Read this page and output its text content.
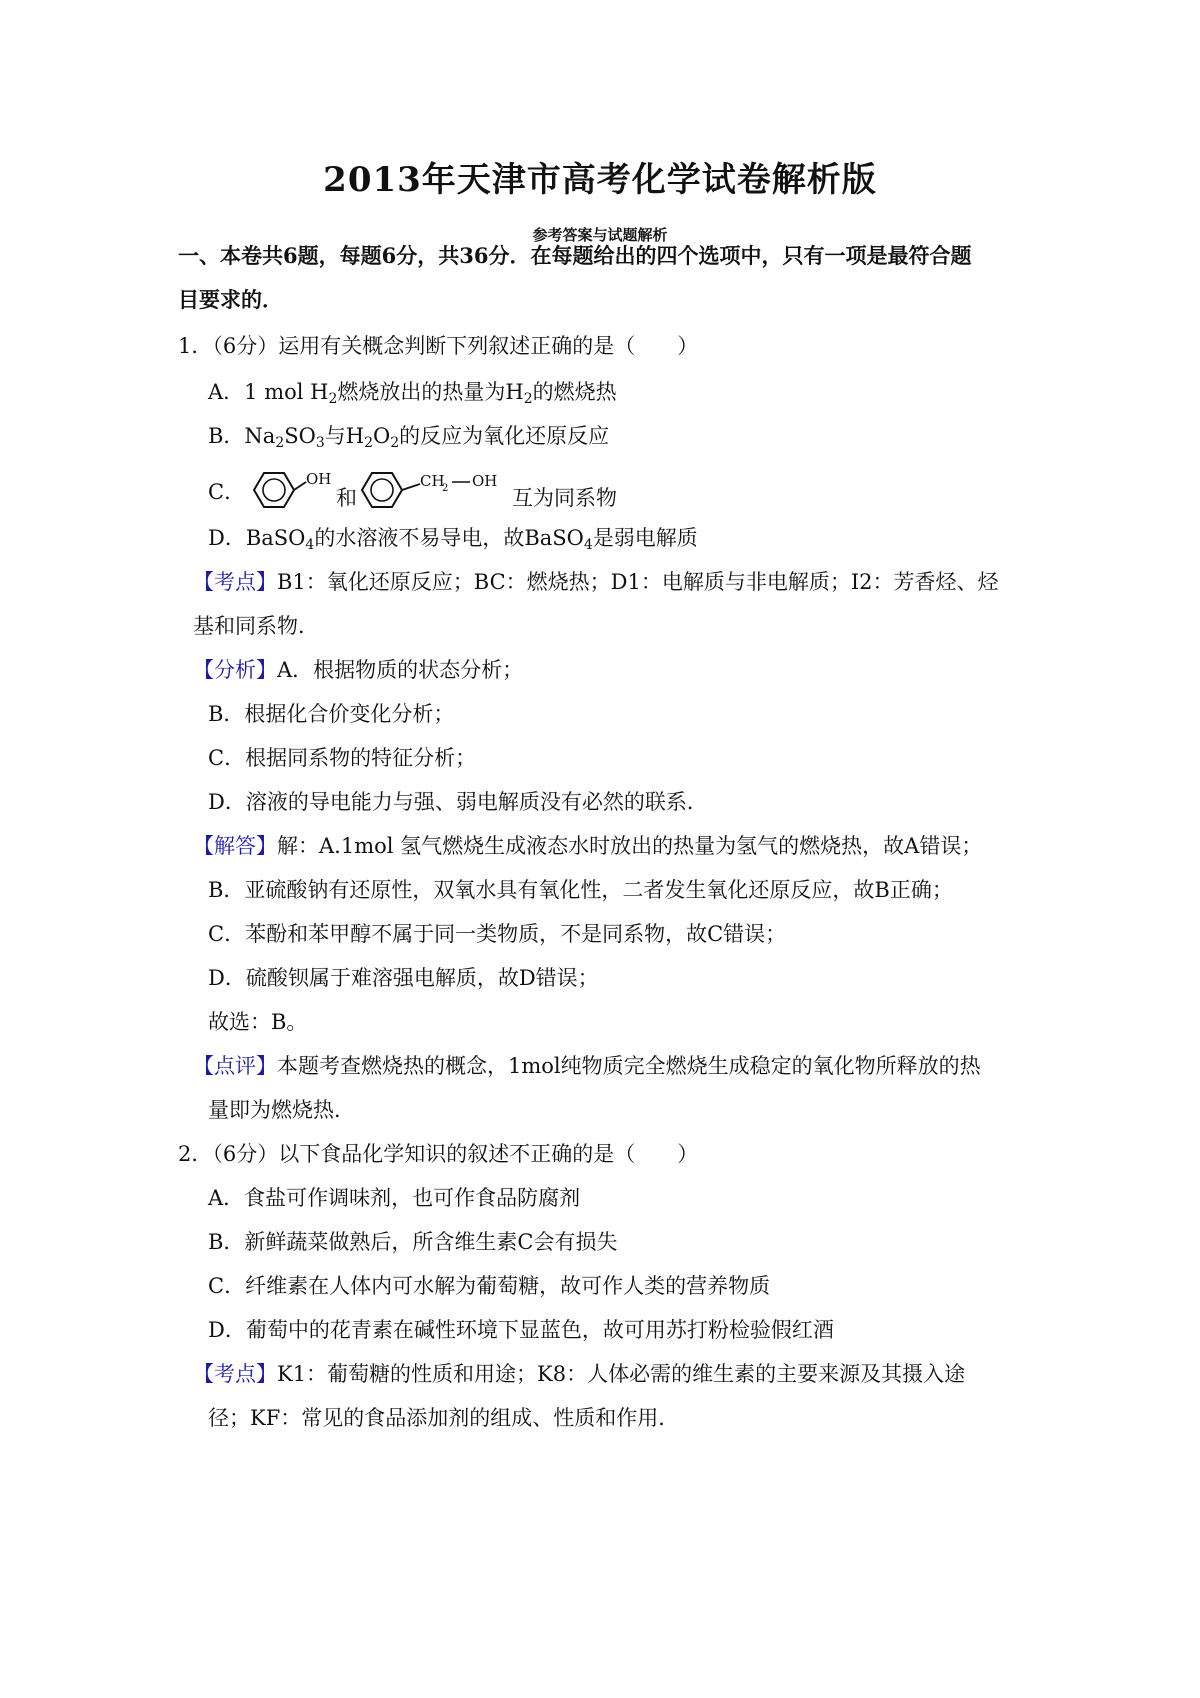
2013年天津市高考化学试卷解析版
参考答案与试题解析
一、本卷共6题，每题6分，共36分．在每题给出的四个选项中，只有一项是最符合题
目要求的．
1．（6分）运用有关概念判断下列叙述正确的是（　　）
A．1 mol $H_2$燃烧放出的热量为$H_2$的燃烧热
B．$Na_2SO_3$与$H_2O_2$的反应为氧化还原反应
C．
OH
和
CH
2 OH
互为同系物
D．BaSO$_4$的水溶液不易导电，故BaSO$_4$是弱电解质
【考点】B1：氧化还原反应；BC：燃烧热；D1：电解质与非电解质；I2：芳香烃、烃
基和同系物．
【分析】A．根据物质的状态分析；
B．根据化合价变化分析；
C．根据同系物的特征分析；
D．溶液的导电能力与强、弱电解质没有必然的联系．
【解答】解：A.1mol 氢气燃烧生成液态水时放出的热量为氢气的燃烧热，故A错误；
B．亚硫酸钠有还原性，双氧水具有氧化性，二者发生氧化还原反应，故B正确；
C．苯酚和苯甲醇不属于同一类物质，不是同系物，故C错误；
D．硫酸钡属于难溶强电解质，故D错误；
故选：B。
【点评】本题考查燃烧热的概念，1mol纯物质完全燃烧生成稳定的氧化物所释放的热
量即为燃烧热．
2．（6分）以下食品化学知识的叙述不正确的是（　　）
A．食盐可作调味剂，也可作食品防腐剂
B．新鲜蔬菜做熟后，所含维生素C会有损失
C．纤维素在人体内可水解为葡萄糖，故可作人类的营养物质
D．葡萄中的花青素在碱性环境下显蓝色，故可用苏打粉检验假红酒
【考点】K1：葡萄糖的性质和用途；K8：人体必需的维生素的主要来源及其摄入途
径；KF：常见的食品添加剂的组成、性质和作用．
